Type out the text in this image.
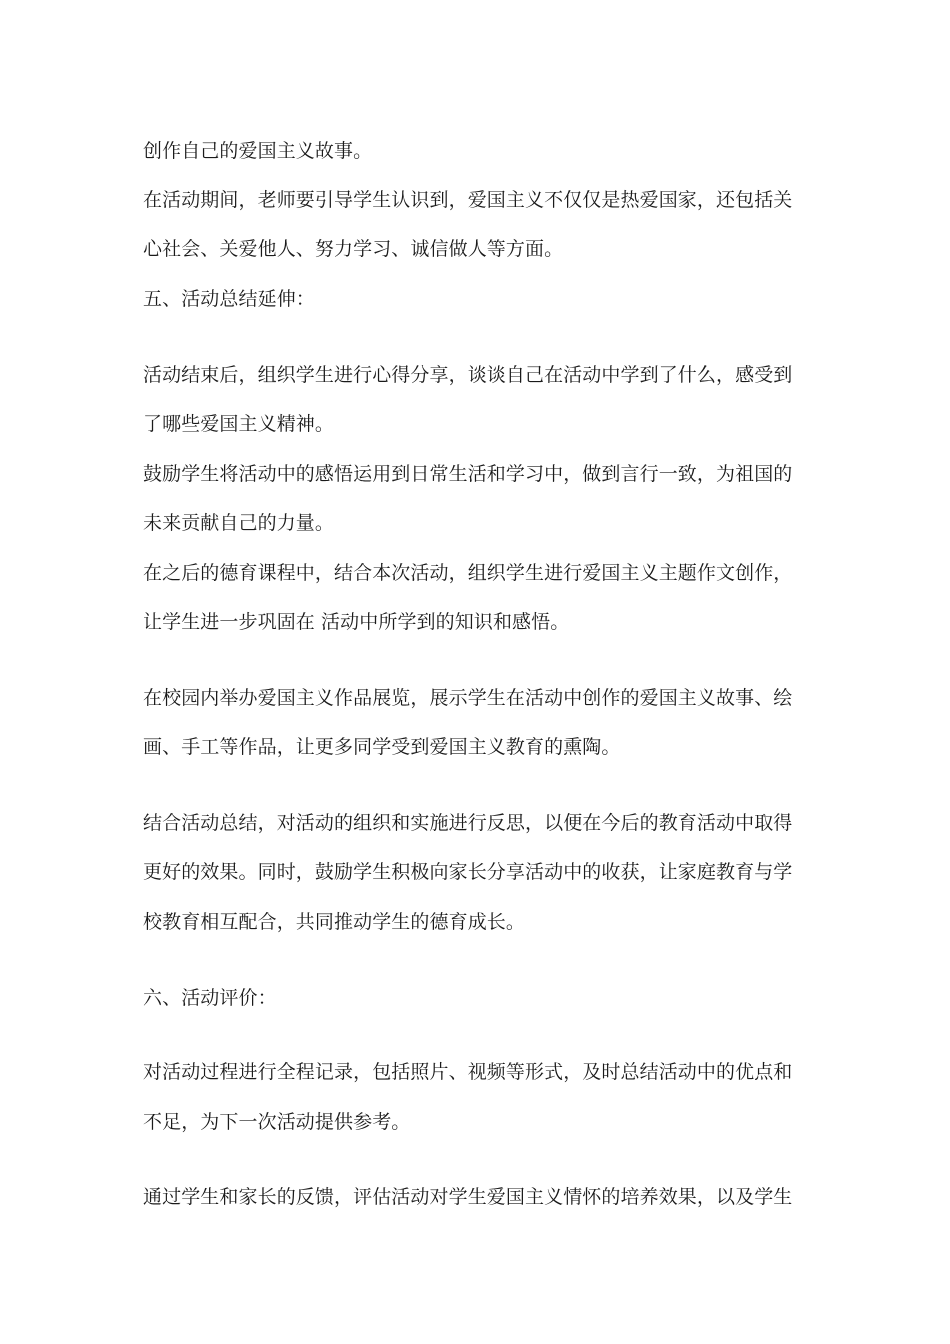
创作自己的爱国主义故事。
在活动期间，老师要引导学生认识到，爱国主义不仅仅是热爱国家，还包括关
心社会、关爱他人、努力学习、诚信做人等方面。
五、活动总结延伸：
活动结束后，组织学生进行心得分享，谈谈自己在活动中学到了什么，感受到
了哪些爱国主义精神。
鼓励学生将活动中的感悟运用到日常生活和学习中，做到言行一致，为祖国的
未来贡献自己的力量。
在之后的德育课程中，结合本次活动，组织学生进行爱国主义主题作文创作，
让学生进一步巩固在 活动中所学到的知识和感悟。
在校园内举办爱国主义作品展览，展示学生在活动中创作的爱国主义故事、绘
画、手工等作品，让更多同学受到爱国主义教育的熏陶。
结合活动总结，对活动的组织和实施进行反思，以便在今后的教育活动中取得
更好的效果。同时，鼓励学生积极向家长分享活动中的收获，让家庭教育与学
校教育相互配合，共同推动学生的德育成长。
六、活动评价：
对活动过程进行全程记录，包括照片、视频等形式，及时总结活动中的优点和
不足，为下一次活动提供参考。
通过学生和家长的反馈，评估活动对学生爱国主义情怀的培养效果，以及学生
